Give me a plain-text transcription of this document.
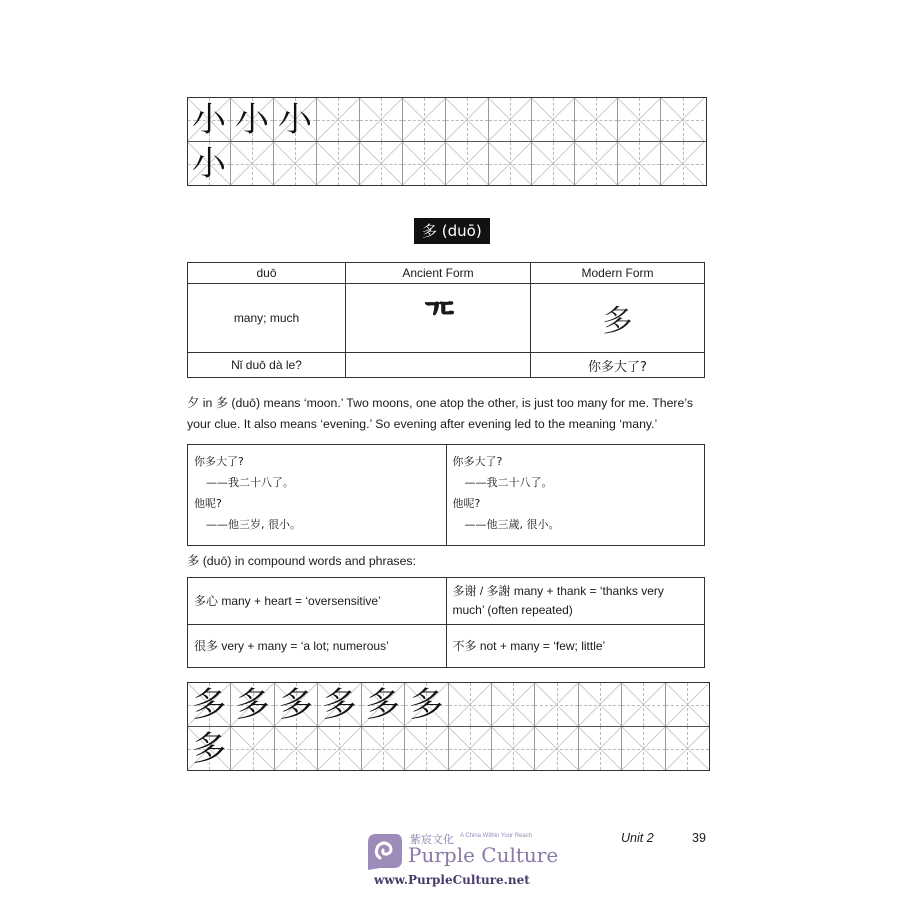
小 小 小
小
多 (duō)
duō	Ancient Form	Modern Form
many; much	ᄀᄃ	多
Nǐ duō dà le?		你多大了?
夕 in 多 (duō) means ‘moon.’ Two moons, one atop the other, is just too many for me. There’s your clue. It also means ‘evening.’ So evening after evening led to the meaning ‘many.’
你多大了?
——我二十八了。
他呢?
——他三岁, 很小。

你多大了?
——我二十八了。
他呢?
——他三歲, 很小。
多 (duō) in compound words and phrases:
多心 many + heart = ‘oversensitive’	多谢 / 多謝 many + thank = ‘thanks very much’ (often repeated)
很多 very + many = ‘a lot; numerous’	不多 not + many = ‘few; little’
多 多 多 多 多 多
多
Unit 2	39
紫宸文化 A China Within Your Reach
Purple Culture
www.PurpleCulture.net
